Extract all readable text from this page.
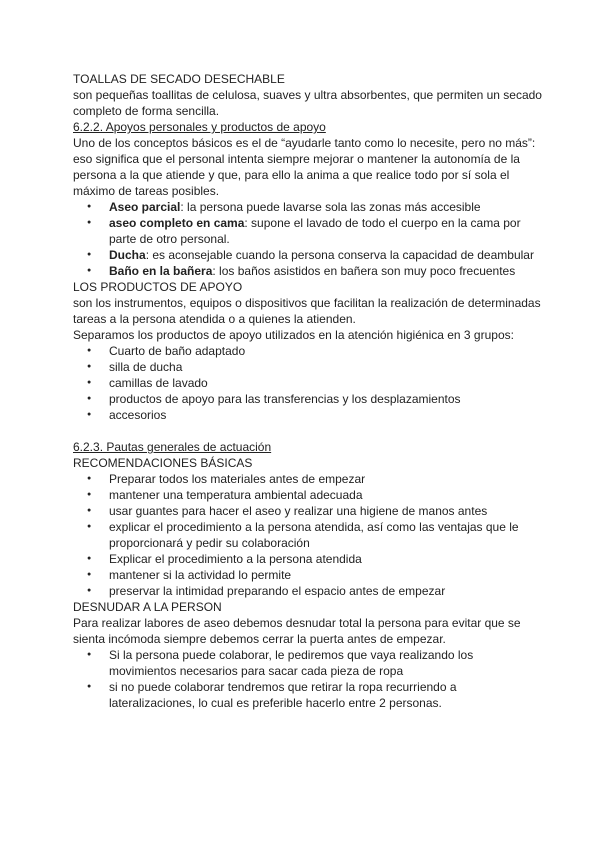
TOALLAS DE SECADO DESECHABLE

son pequeñas toallitas de celulosa, suaves y ultra absorbentes, que permiten un secado completo de forma sencilla.

6.2.2. Apoyos personales y productos de apoyo

Uno de los conceptos básicos es el de “ayudarle tanto como lo necesite, pero no más”: eso significa que el personal intenta siempre mejorar o mantener la autonomía de la persona a la que atiende y que, para ello la anima a que realice todo por sí sola el máximo de tareas posibles.

● Aseo parcial: la persona puede lavarse sola las zonas más accesible
● aseo completo en cama: supone el lavado de todo el cuerpo en la cama por parte de otro personal.
● Ducha: es aconsejable cuando la persona conserva la capacidad de deambular
● Baño en la bañera: los baños asistidos en bañera son muy poco frecuentes

LOS PRODUCTOS DE APOYO

son los instrumentos, equipos o dispositivos que facilitan la realización de determinadas tareas a la persona atendida o a quienes la atienden.

Separamos los productos de apoyo utilizados en la atención higiénica en 3 grupos:

● Cuarto de baño adaptado
● silla de ducha
● camillas de lavado
● productos de apoyo para las transferencias y los desplazamientos
● accesorios

6.2.3. Pautas generales de actuación

RECOMENDACIONES BÁSICAS

● Preparar todos los materiales antes de empezar
● mantener una temperatura ambiental adecuada
● usar guantes para hacer el aseo y realizar una higiene de manos antes
● explicar el procedimiento a la persona atendida, así como las ventajas que le proporcionará y pedir su colaboración
● Explicar el procedimiento a la persona atendida
● mantener si la actividad lo permite
● preservar la intimidad preparando el espacio antes de empezar

DESNUDAR A LA PERSON

Para realizar labores de aseo debemos desnudar total la persona para evitar que se sienta incómoda siempre debemos cerrar la puerta antes de empezar.

● Si la persona puede colaborar, le pediremos que vaya realizando los movimientos necesarios para sacar cada pieza de ropa
● si no puede colaborar tendremos que retirar la ropa recurriendo a lateralizaciones, lo cual es preferible hacerlo entre 2 personas.
